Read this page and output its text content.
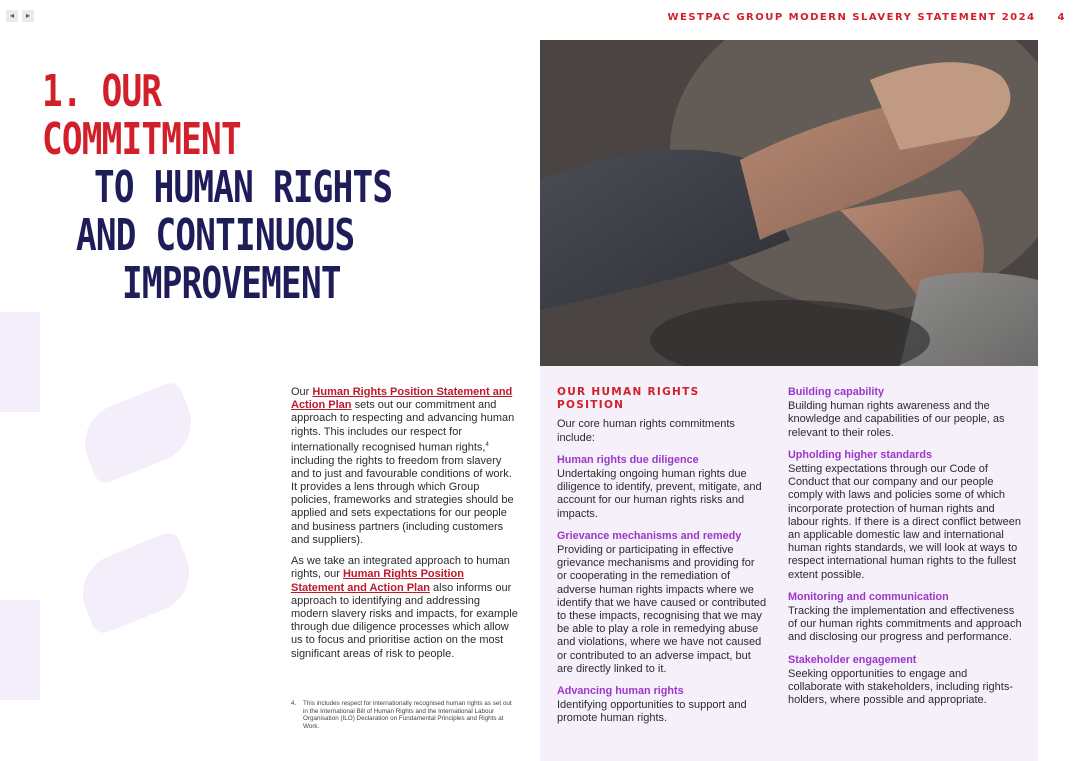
◂	▸	WESTPAC GROUP MODERN SLAVERY STATEMENT 2024 4
1. OUR
COMMITMENT
TO HUMAN RIGHTS
AND CONTINUOUS
IMPROVEMENT

Our Human Rights Position Statement and Action Plan sets out our commitment and approach to respecting and advancing human rights. This includes our respect for internationally recognised human rights,$^4$ including the rights to freedom from slavery and to just and favourable conditions of work. It provides a lens through which Group policies, frameworks and strategies should be applied and sets expectations for our people and business partners (including customers and suppliers).

As we take an integrated approach to human rights, our Human Rights Position Statement and Action Plan also informs our approach to identifying and addressing modern slavery risks and impacts, for example through due diligence processes which allow us to focus and prioritise action on the most significant areas of risk to people.

4.	This includes respect for internationally recognised human rights as set out in the International Bill of Human Rights and the International Labour Organisation (ILO) Declaration on Fundamental Principles and Rights at Work.
OUR HUMAN RIGHTS POSITION

Our core human rights commitments include:

Human rights due diligence

Undertaking ongoing human rights due diligence to identify, prevent, mitigate, and account for our human rights risks and impacts.

Grievance mechanisms and remedy

Providing or participating in effective grievance mechanisms and providing for or cooperating in the remediation of adverse human rights impacts where we identify that we have caused or contributed to these impacts, recognising that we may be able to play a role in remedying abuse and violations, where we have not caused or contributed to an adverse impact, but are directly linked to it.

Advancing human rights

Identifying opportunities to support and promote human rights.

Building capability

Building human rights awareness and the knowledge and capabilities of our people, as relevant to their roles.

Upholding higher standards

Setting expectations through our Code of Conduct that our company and our people comply with laws and policies some of which incorporate protection of human rights and labour rights. If there is a direct conflict between an applicable domestic law and international human rights standards, we will look at ways to respect international human rights to the fullest extent possible.

Monitoring and communication

Tracking the implementation and effectiveness of our human rights commitments and approach and disclosing our progress and performance.

Stakeholder engagement

Seeking opportunities to engage and collaborate with stakeholders, including rights-holders, where possible and appropriate.
